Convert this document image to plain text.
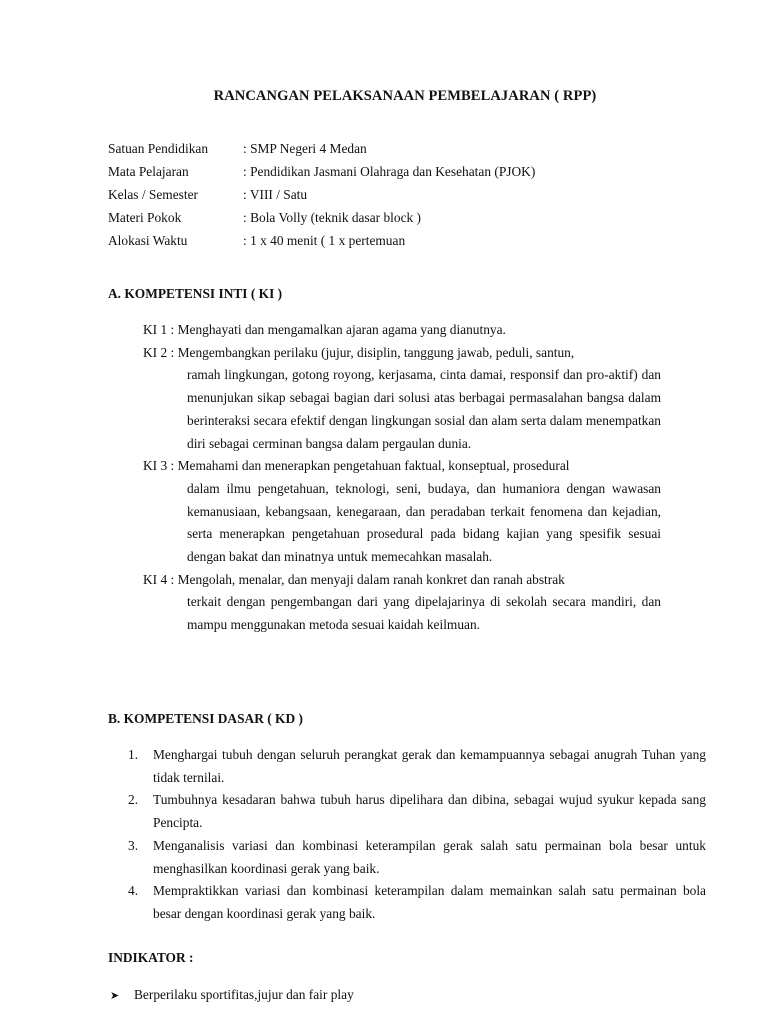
RANCANGAN PELAKSANAAN PEMBELAJARAN ( RPP)
Satuan Pendidikan	: SMP Negeri 4 Medan
Mata Pelajaran	: Pendidikan Jasmani Olahraga dan Kesehatan (PJOK)
Kelas / Semester	: VIII / Satu
Materi Pokok	: Bola Volly (teknik dasar block )
Alokasi Waktu	: 1 x 40 menit ( 1 x pertemuan
A. KOMPETENSI INTI ( KI )
KI 1 : Menghayati dan mengamalkan ajaran agama yang dianutnya.
KI 2 : Mengembangkan perilaku (jujur, disiplin, tanggung jawab, peduli, santun,
ramah lingkungan, gotong royong, kerjasama, cinta damai, responsif dan pro-aktif) dan menunjukan sikap sebagai bagian dari solusi atas berbagai permasalahan bangsa dalam berinteraksi secara efektif dengan lingkungan sosial dan alam serta dalam menempatkan diri sebagai cerminan bangsa dalam pergaulan dunia.
KI 3 : Memahami dan menerapkan pengetahuan faktual, konseptual, prosedural
dalam ilmu pengetahuan, teknologi, seni, budaya, dan humaniora dengan wawasan kemanusiaan, kebangsaan, kenegaraan, dan peradaban terkait fenomena dan kejadian, serta menerapkan pengetahuan prosedural pada bidang kajian yang spesifik sesuai dengan bakat dan minatnya untuk memecahkan masalah.
KI 4 : Mengolah, menalar, dan menyaji dalam ranah konkret dan ranah abstrak
terkait dengan pengembangan dari yang dipelajarinya di sekolah secara mandiri, dan mampu menggunakan metoda sesuai kaidah keilmuan.
B. KOMPETENSI DASAR ( KD )
1. Menghargai tubuh dengan seluruh perangkat gerak dan kemampuannya sebagai anugrah Tuhan yang tidak ternilai.
2. Tumbuhnya kesadaran bahwa tubuh harus dipelihara dan dibina, sebagai wujud syukur kepada sang Pencipta.
3. Menganalisis variasi dan kombinasi keterampilan gerak salah satu permainan bola besar untuk menghasilkan koordinasi gerak yang baik.
4. Mempraktikkan variasi dan kombinasi keterampilan dalam memainkan salah satu permainan bola besar dengan koordinasi gerak yang baik.
INDIKATOR :
➤ Berperilaku sportifitas,jujur dan fair play
